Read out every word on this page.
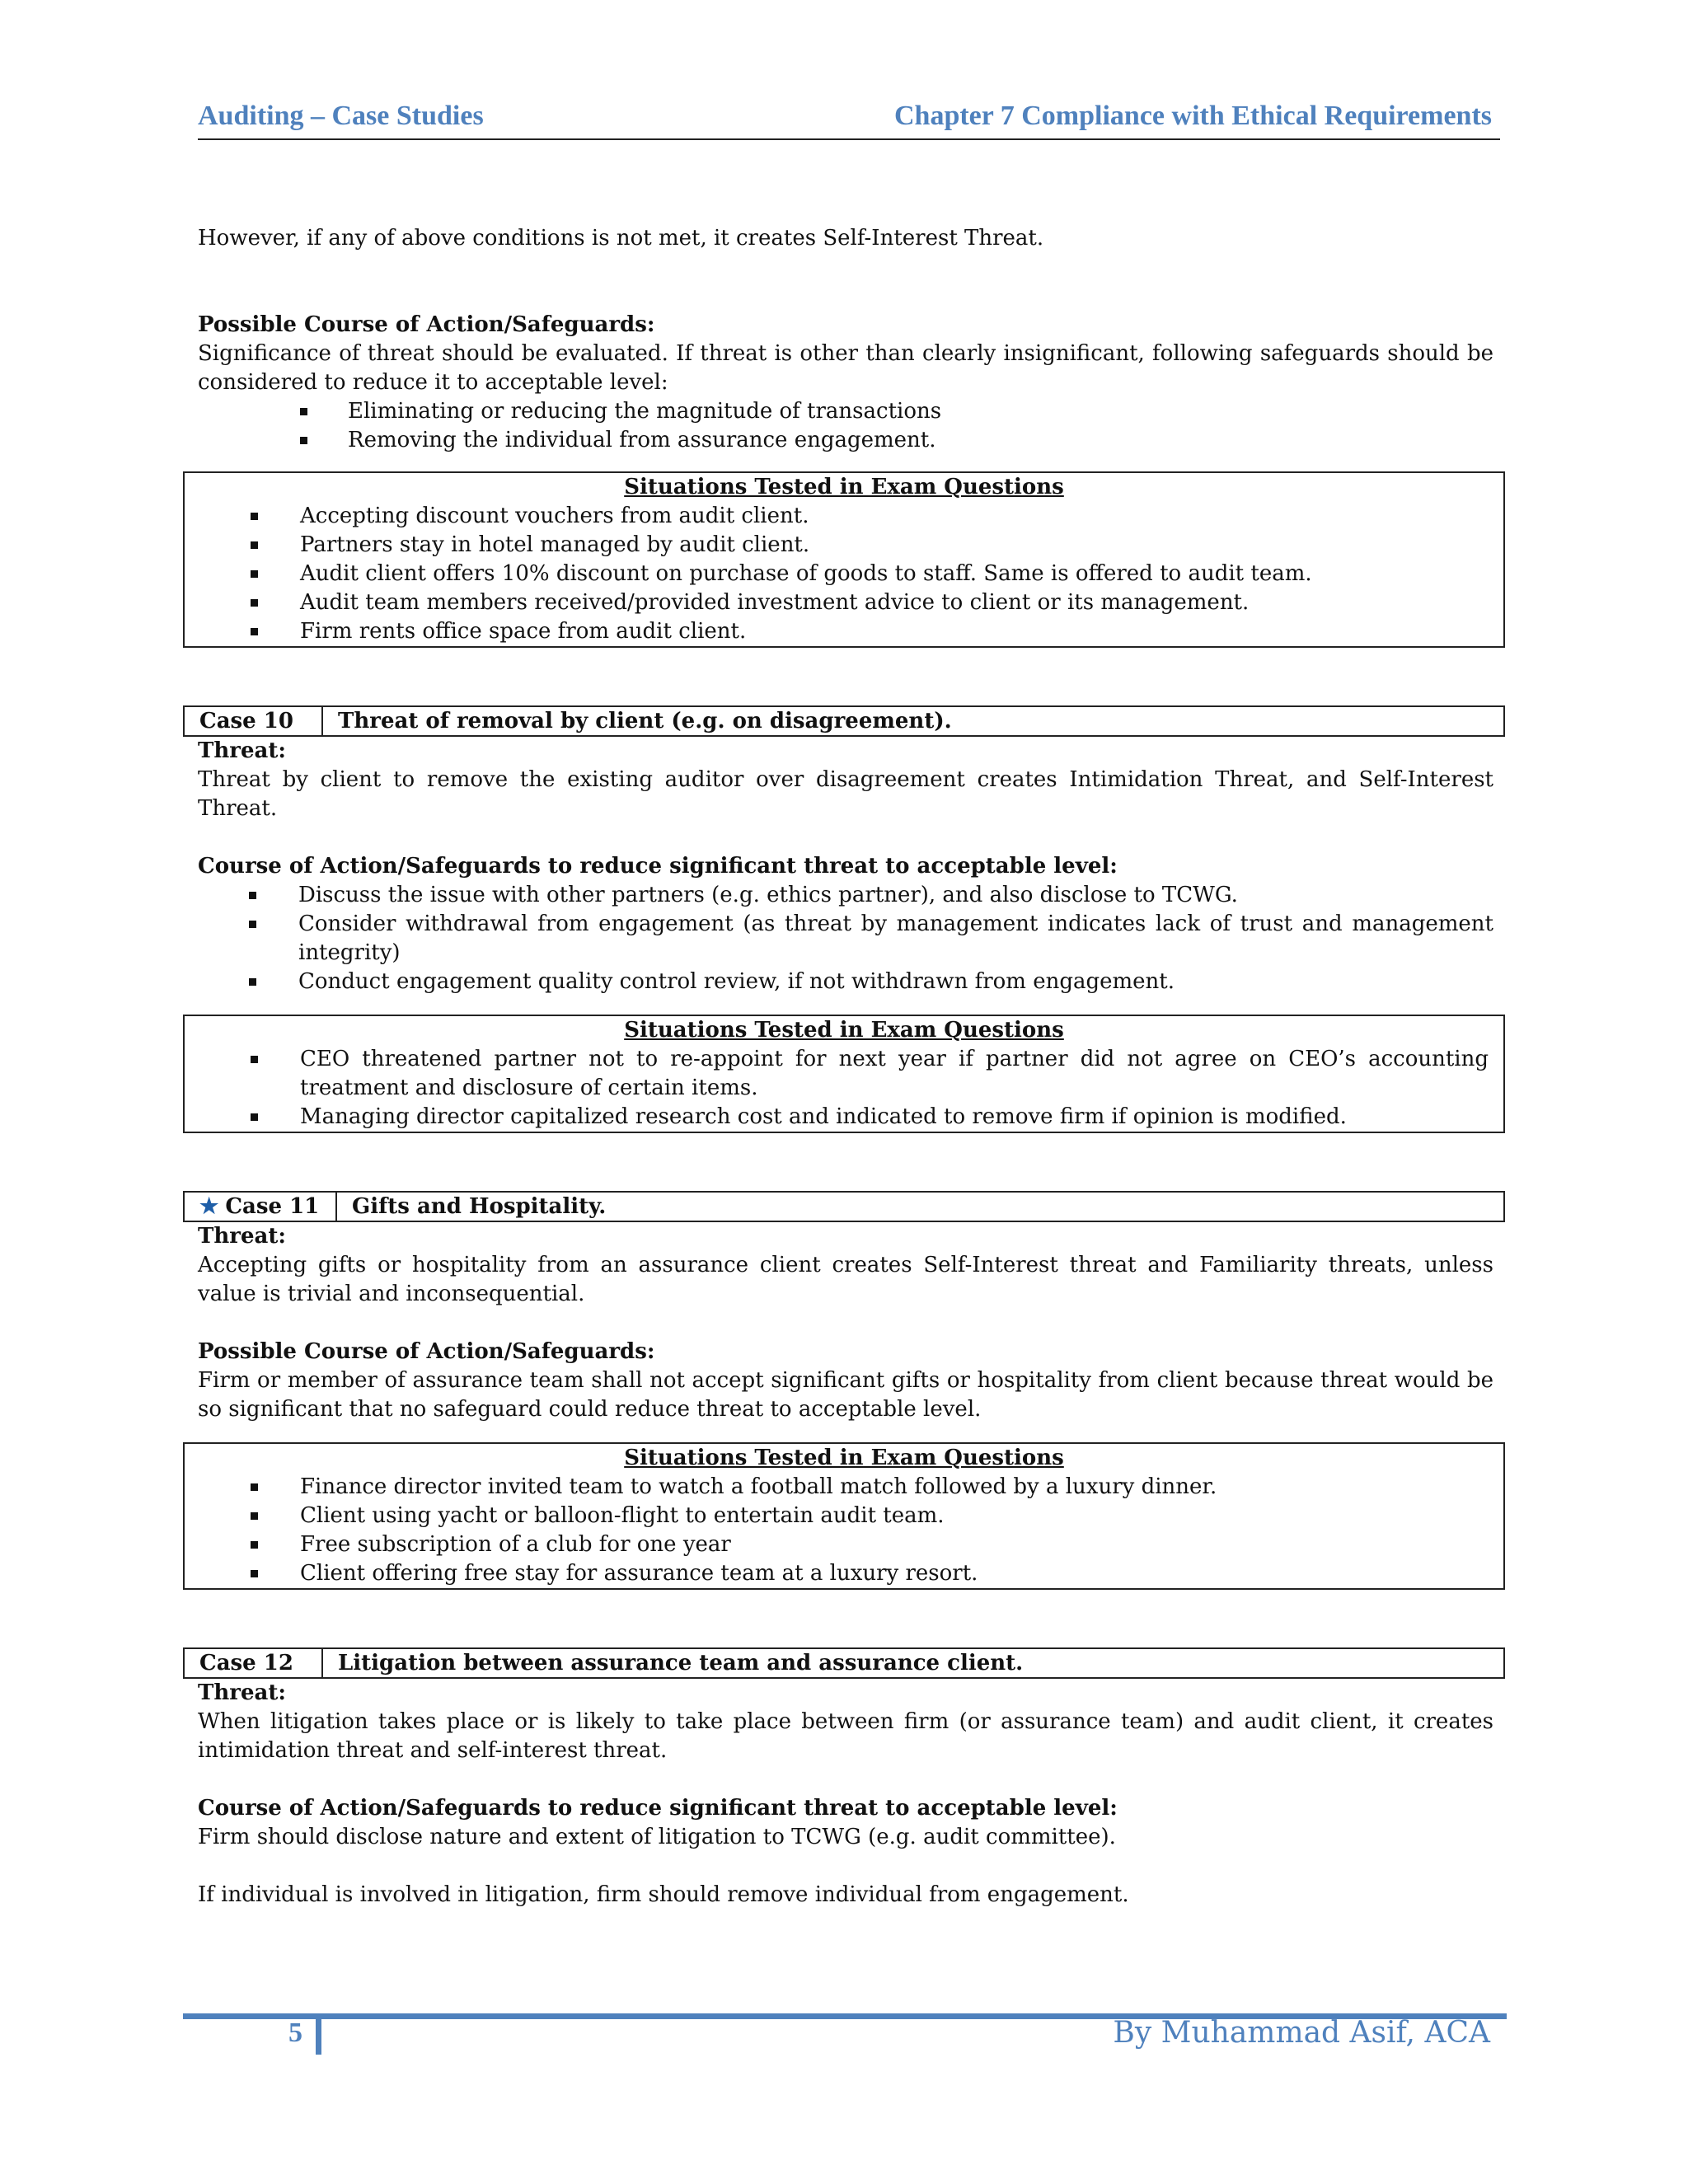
Auditing – Case Studies	Chapter 7 Compliance with Ethical Requirements

However, if any of above conditions is not met, it creates Self-Interest Threat.

Possible Course of Action/Safeguards:

Significance of threat should be evaluated. If threat is other than clearly insignificant, following safeguards should be considered to reduce it to acceptable level:

Eliminating or reducing the magnitude of transactions
Removing the individual from assurance engagement.
Situations Tested in Exam Questions
Accepting discount vouchers from audit client.
Partners stay in hotel managed by audit client.
Audit client offers 10% discount on purchase of goods to staff. Same is offered to audit team.
Audit team members received/provided investment advice to client or its management.
Firm rents office space from audit client.
Case 10	Threat of removal by client (e.g. on disagreement).

Threat:

Threat by client to remove the existing auditor over disagreement creates Intimidation Threat, and Self-Interest Threat.

Course of Action/Safeguards to reduce significant threat to acceptable level:

Discuss the issue with other partners (e.g. ethics partner), and also disclose to TCWG.
Consider withdrawal from engagement (as threat by management indicates lack of trust and management integrity)
Conduct engagement quality control review, if not withdrawn from engagement.
Situations Tested in Exam Questions
CEO threatened partner not to re-appoint for next year if partner did not agree on CEO’s accounting treatment and disclosure of certain items.
Managing director capitalized research cost and indicated to remove firm if opinion is modified.
★ Case 11	Gifts and Hospitality.

Threat:

Accepting gifts or hospitality from an assurance client creates Self-Interest threat and Familiarity threats, unless value is trivial and inconsequential.

Possible Course of Action/Safeguards:

Firm or member of assurance team shall not accept significant gifts or hospitality from client because threat would be so significant that no safeguard could reduce threat to acceptable level.

Situations Tested in Exam Questions
Finance director invited team to watch a football match followed by a luxury dinner.
Client using yacht or balloon-flight to entertain audit team.
Free subscription of a club for one year
Client offering free stay for assurance team at a luxury resort.
Case 12	Litigation between assurance team and assurance client.

Threat:

When litigation takes place or is likely to take place between firm (or assurance team) and audit client, it creates intimidation threat and self-interest threat.

Course of Action/Safeguards to reduce significant threat to acceptable level:

Firm should disclose nature and extent of litigation to TCWG (e.g. audit committee).

If individual is involved in litigation, firm should remove individual from engagement.

5	By Muhammad Asif, ACA
